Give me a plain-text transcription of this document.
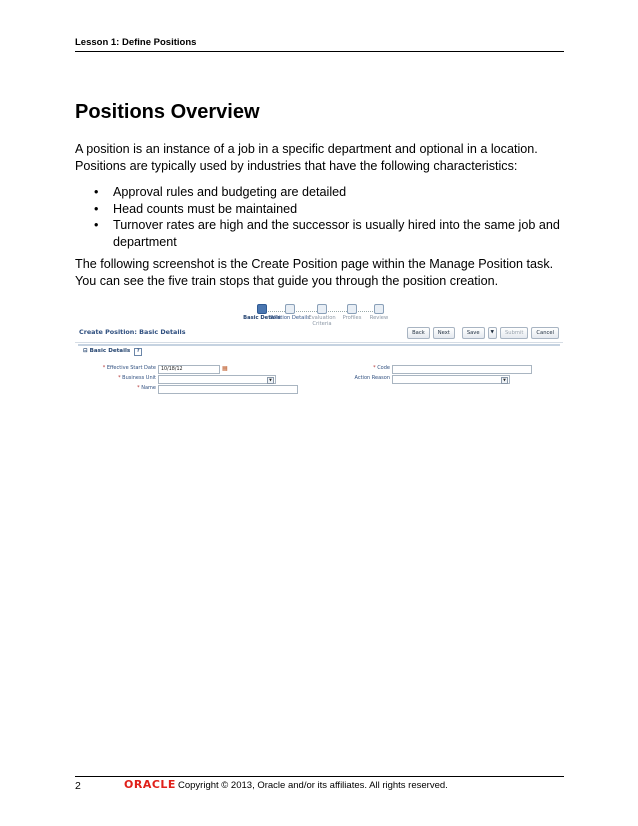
Lesson 1: Define Positions
Positions Overview

A position is an instance of a job in a specific department and optional in a location. Positions are typically used by industries that have the following characteristics:

• Approval rules and budgeting are detailed
• Head counts must be maintained
• Turnover rates are high and the successor is usually hired into the same job and department

The following screenshot is the Create Position page within the Manage Position task. You can see the five train stops that guide you through the position creation.

Basic Details
Position Details
Evaluation Criteria
Profiles	Review
Create Position: Basic Details	Back	Next	Save	▼	Submit	Cancel
⊟ Basic Details ?
* Effective Start Date	10/18/12	▦
* Business Unit	▼
* Name
* Code
Action Reason	▼
2	ORACLE Copyright © 2013, Oracle and/or its affiliates. All rights reserved.
